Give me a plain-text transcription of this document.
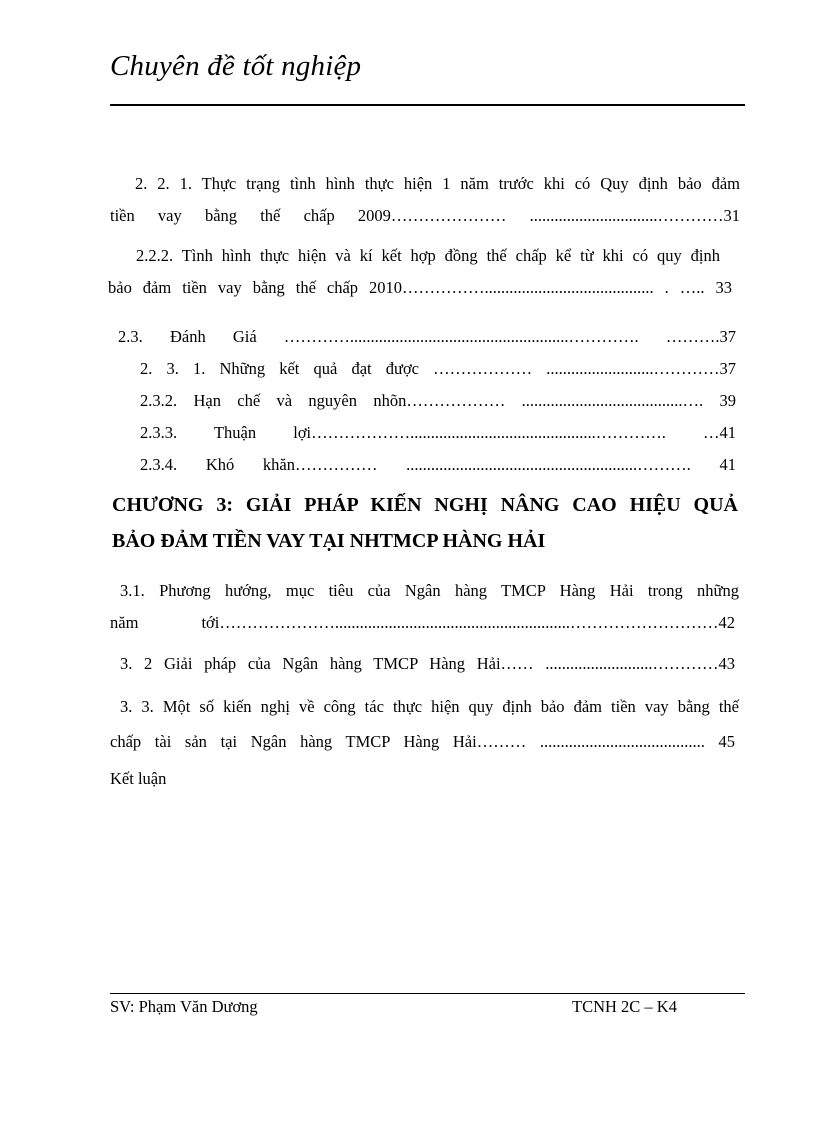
Chuyên đề tốt nghiệp
2. 2. 1. Thực trạng tình hình thực hiện 1 năm trước khi có Quy định bảo đảm
tiền vay bằng thế chấp 2009………………… ...............................…………31
2.2.2. Tình hình thực hiện và kí kết hợp đồng thế chấp kể từ khi có quy định
bảo đảm tiền vay bằng thế chấp 2010……………......................................... . ….. 33
2.3. Đánh Giá ………….....................................................…………. ……….37
2. 3. 1. Những kết quả đạt được ……………… ..........................…………37
2.3.2. Hạn chế và nguyên nhõn……………… .......................................…. 39
2.3.3. Thuận lợi……………….............................................…………. …41
2.3.4. Khó khăn…………… ........................................................………. 41
CHƯƠNG 3: GIẢI PHÁP KIẾN NGHỊ NÂNG CAO HIỆU QUẢ
BẢO ĐẢM TIỀN VAY TẠI NHTMCP HÀNG HẢI
3.1. Phương hướng, mục tiêu của Ngân hàng TMCP Hàng Hải trong những
năm tới………………….........................................................………………………42
3. 2 Giải pháp của Ngân hàng TMCP Hàng Hải…… ..........................…………43
3. 3. Một số kiến nghị về công tác thực hiện quy định bảo đảm tiền vay bằng thế
chấp tài sản tại Ngân hàng TMCP Hàng Hải……… ........................................ 45
Kết luận
SV: Phạm Văn Dương	TCNH 2C – K4
